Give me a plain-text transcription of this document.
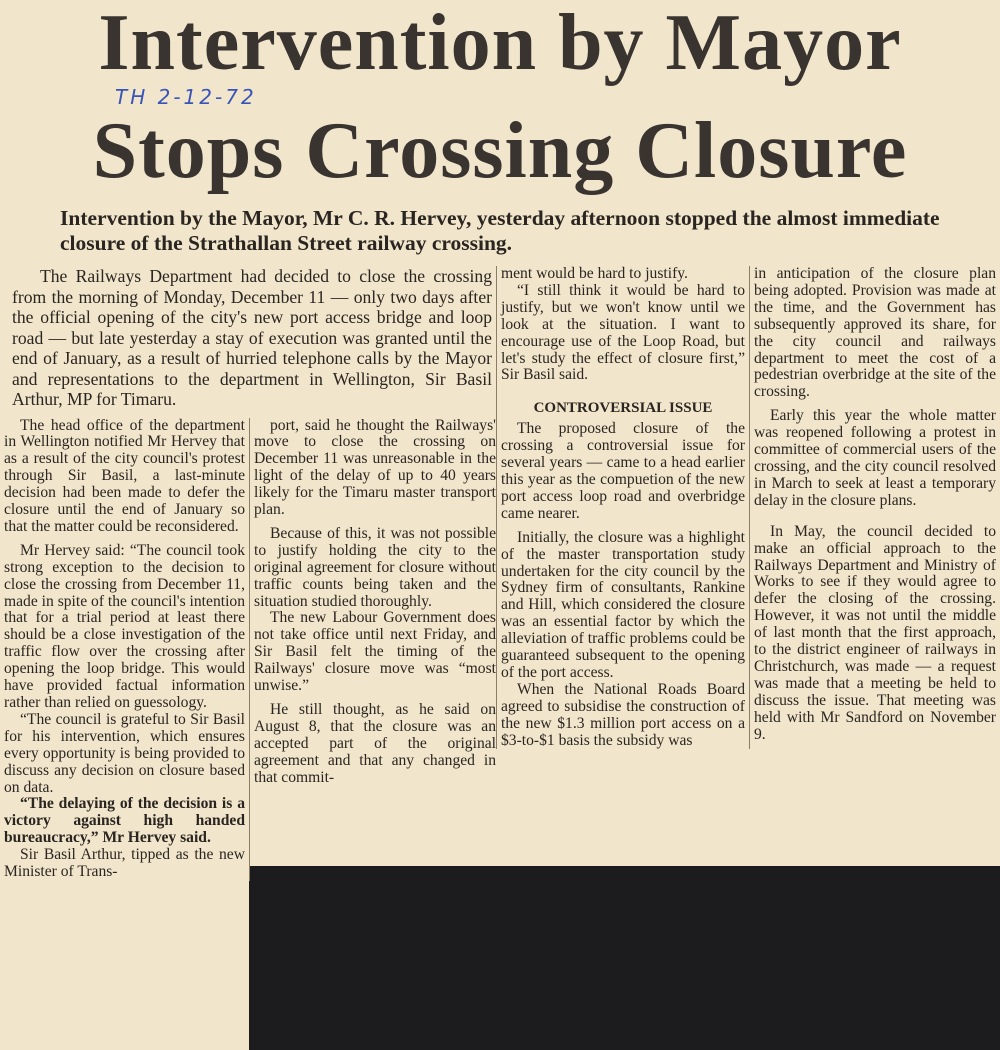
Intervention by Mayor
TH 2-12-72
Stops Crossing Closure
Intervention by the Mayor, Mr C. R. Hervey, yesterday afternoon stopped the almost immediate closure of the Strathallan Street railway crossing.

The Railways Department had decided to close the crossing from the morning of Monday, December 11 — only two days after the official opening of the city's new port access bridge and loop road — but late yesterday a stay of execution was granted until the end of January, as a result of hurried telephone calls by the Mayor and representations to the department in Wellington, Sir Basil Arthur, MP for Timaru.

The head office of the department in Wellington notified Mr Hervey that as a result of the city council's protest through Sir Basil, a last-minute decision had been made to defer the closure until the end of January so that the matter could be reconsidered.

Mr Hervey said: “The council took strong exception to the decision to close the crossing from December 11, made in spite of the council's intention that for a trial period at least there should be a close investigation of the traffic flow over the crossing after opening the loop bridge. This would have provided factual information rather than relied on guessology.

“The council is grateful to Sir Basil for his intervention, which ensures every opportunity is being provided to discuss any decision on closure based on data.

“The delaying of the decision is a victory against high handed bureaucracy,” Mr Hervey said.

Sir Basil Arthur, tipped as the new Minister of Trans-

port, said he thought the Railways' move to close the crossing on December 11 was unreasonable in the light of the delay of up to 40 years likely for the Timaru master transport plan.

Because of this, it was not possible to justify holding the city to the original agreement for closure without traffic counts being taken and the situation studied thoroughly.

The new Labour Government does not take office until next Friday, and Sir Basil felt the timing of the Railways' closure move was “most unwise.”

He still thought, as he said on August 8, that the closure was an accepted part of the original agreement and that any changed in that commit-

ment would be hard to justify.

“I still think it would be hard to justify, but we won't know until we look at the situation. I want to encourage use of the Loop Road, but let's study the effect of closure first,” Sir Basil said.

CONTROVERSIAL ISSUE

The proposed closure of the crossing a controversial issue for several years — came to a head earlier this year as the compuetion of the new port access loop road and overbridge came nearer.

Initially, the closure was a highlight of the master transportation study undertaken for the city council by the Sydney firm of consultants, Rankine and Hill, which considered the closure was an essential factor by which the alleviation of traffic problems could be guaranteed subsequent to the opening of the port access.

When the National Roads Board agreed to subsidise the construction of the new $1.3 million port access on a $3-to-$1 basis the subsidy was

in anticipation of the closure plan being adopted. Provision was made at the time, and the Government has subsequently approved its share, for the city council and railways department to meet the cost of a pedestrian overbridge at the site of the crossing.

Early this year the whole matter was reopened following a protest in committee of commercial users of the crossing, and the city council resolved in March to seek at least a temporary delay in the closure plans.

In May, the council decided to make an official approach to the Railways Department and Ministry of Works to see if they would agree to defer the closing of the crossing. However, it was not until the middle of last month that the first approach, to the district engineer of railways in Christchurch, was made — a request was made that a meeting be held to discuss the issue. That meeting was held with Mr Sandford on November 9.
